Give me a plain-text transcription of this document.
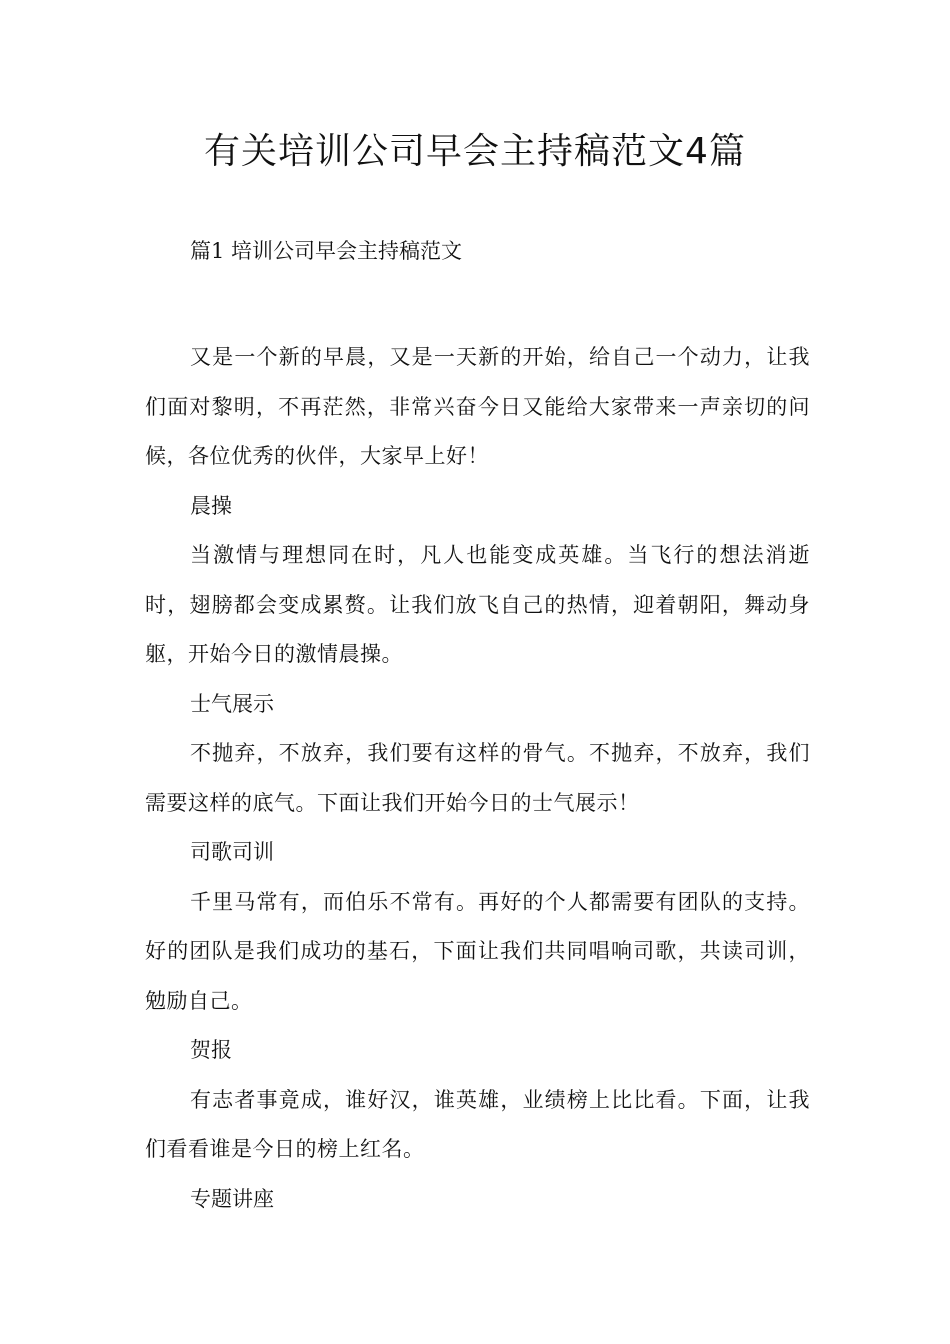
有关培训公司早会主持稿范文4篇

篇1 培训公司早会主持稿范文

又是一个新的早晨，又是一天新的开始，给自己一个动力，让我们面对黎明，不再茫然，非常兴奋今日又能给大家带来一声亲切的问候，各位优秀的伙伴，大家早上好！

晨操

当激情与理想同在时，凡人也能变成英雄。当飞行的想法消逝时，翅膀都会变成累赘。让我们放飞自己的热情，迎着朝阳，舞动身躯，开始今日的激情晨操。

士气展示

不抛弃，不放弃，我们要有这样的骨气。不抛弃，不放弃，我们需要这样的底气。下面让我们开始今日的士气展示！

司歌司训

千里马常有，而伯乐不常有。再好的个人都需要有团队的支持。好的团队是我们成功的基石，下面让我们共同唱响司歌，共读司训，勉励自己。

贺报

有志者事竟成，谁好汉，谁英雄，业绩榜上比比看。下面，让我们看看谁是今日的榜上红名。

专题讲座
